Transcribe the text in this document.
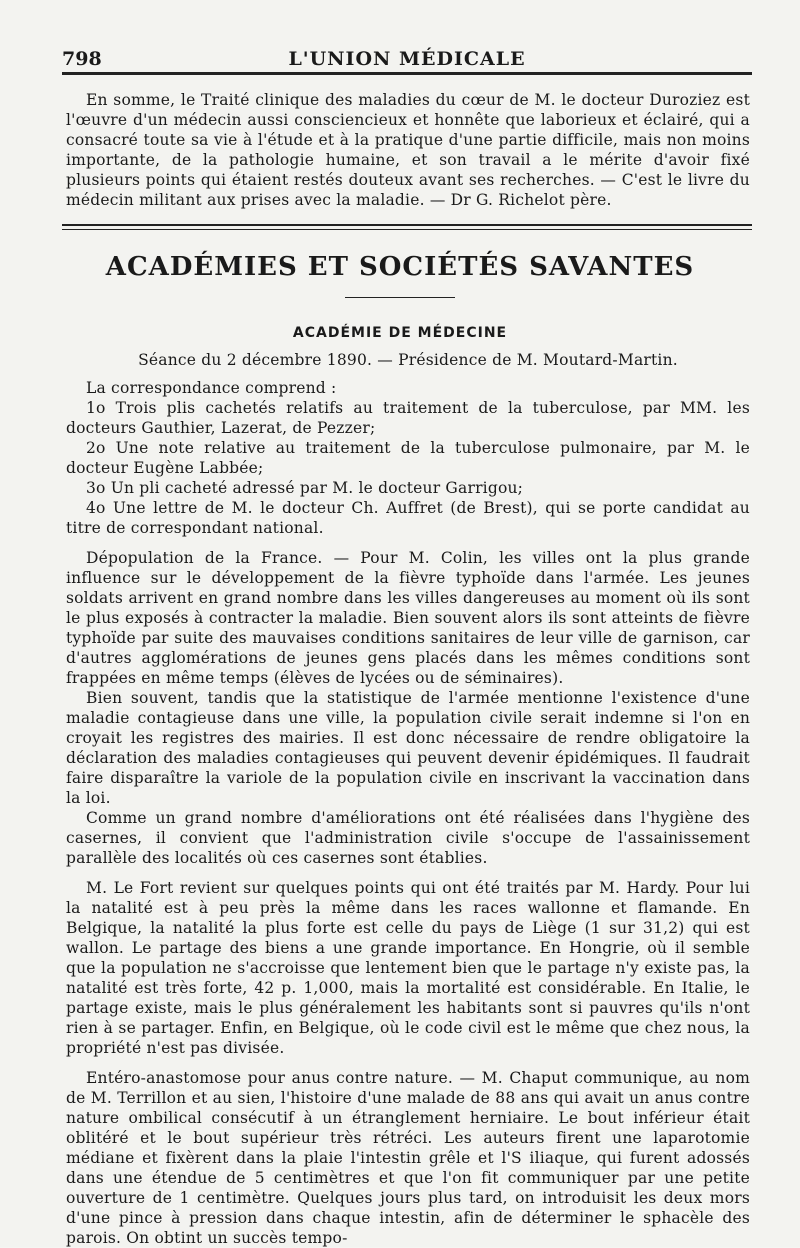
798	L'UNION MÉDICALE

En somme, le Traité clinique des maladies du cœur de M. le docteur Duroziez est l'œuvre d'un médecin aussi consciencieux et honnête que laborieux et éclairé, qui a consacré toute sa vie à l'étude et à la pratique d'une partie difficile, mais non moins importante, de la pathologie humaine, et son travail a le mérite d'avoir fixé plusieurs points qui étaient restés douteux avant ses recherches. — C'est le livre du médecin militant aux prises avec la maladie. — Dr G. Richelot père.

ACADÉMIES ET SOCIÉTÉS SAVANTES
ACADÉMIE DE MÉDECINE

Séance du 2 décembre 1890. — Présidence de M. Moutard-Martin.

La correspondance comprend :

1o Trois plis cachetés relatifs au traitement de la tuberculose, par MM. les docteurs Gauthier, Lazerat, de Pezzer;

2o Une note relative au traitement de la tuberculose pulmonaire, par M. le docteur Eugène Labbée;

3o Un pli cacheté adressé par M. le docteur Garrigou;

4o Une lettre de M. le docteur Ch. Auffret (de Brest), qui se porte candidat au titre de correspondant national.

Dépopulation de la France. — Pour M. Colin, les villes ont la plus grande influence sur le développement de la fièvre typhoïde dans l'armée. Les jeunes soldats arrivent en grand nombre dans les villes dangereuses au moment où ils sont le plus exposés à contracter la maladie. Bien souvent alors ils sont atteints de fièvre typhoïde par suite des mauvaises conditions sanitaires de leur ville de garnison, car d'autres agglomérations de jeunes gens placés dans les mêmes conditions sont frappées en même temps (élèves de lycées ou de séminaires).

Bien souvent, tandis que la statistique de l'armée mentionne l'existence d'une maladie contagieuse dans une ville, la population civile serait indemne si l'on en croyait les registres des mairies. Il est donc nécessaire de rendre obligatoire la déclaration des maladies contagieuses qui peuvent devenir épidémiques. Il faudrait faire disparaître la variole de la population civile en inscrivant la vaccination dans la loi.

Comme un grand nombre d'améliorations ont été réalisées dans l'hygiène des casernes, il convient que l'administration civile s'occupe de l'assainissement parallèle des localités où ces casernes sont établies.

M. Le Fort revient sur quelques points qui ont été traités par M. Hardy. Pour lui la natalité est à peu près la même dans les races wallonne et flamande. En Belgique, la natalité la plus forte est celle du pays de Liège (1 sur 31,2) qui est wallon. Le partage des biens a une grande importance. En Hongrie, où il semble que la population ne s'accroisse que lentement bien que le partage n'y existe pas, la natalité est très forte, 42 p. 1,000, mais la mortalité est considérable. En Italie, le partage existe, mais le plus généralement les habitants sont si pauvres qu'ils n'ont rien à se partager. Enfin, en Belgique, où le code civil est le même que chez nous, la propriété n'est pas divisée.

Entéro-anastomose pour anus contre nature. — M. Chaput communique, au nom de M. Terrillon et au sien, l'histoire d'une malade de 88 ans qui avait un anus contre nature ombilical consécutif à un étranglement herniaire. Le bout inférieur était oblitéré et le bout supérieur très rétréci. Les auteurs firent une laparotomie médiane et fixèrent dans la plaie l'intestin grêle et l'S iliaque, qui furent adossés dans une étendue de 5 centimètres et que l'on fit communiquer par une petite ouverture de 1 centimètre. Quelques jours plus tard, on introduisit les deux mors d'une pince à pression dans chaque intestin, afin de déterminer le sphacèle des parois. On obtint un succès tempo-
